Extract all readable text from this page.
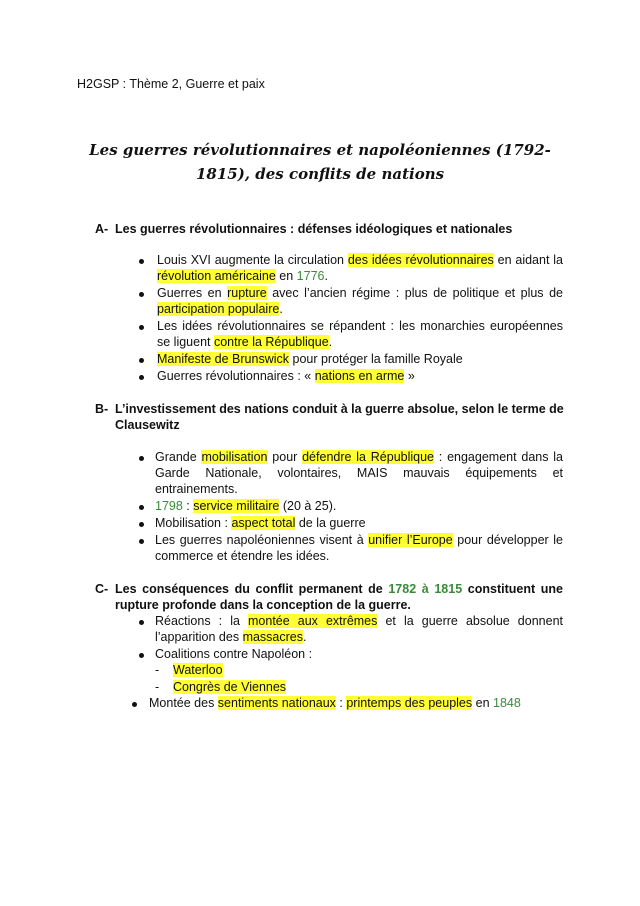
H2GSP : Thème 2, Guerre et paix
Les guerres révolutionnaires et napoléoniennes (1792-1815), des conflits de nations
A- Les guerres révolutionnaires : défenses idéologiques et nationales
Louis XVI augmente la circulation des idées révolutionnaires en aidant la révolution américaine en 1776.
Guerres en rupture avec l’ancien régime : plus de politique et plus de participation populaire.
Les idées révolutionnaires se répandent : les monarchies européennes se liguent contre la République.
Manifeste de Brunswick pour protéger la famille Royale
Guerres révolutionnaires : « nations en arme »
B- L’investissement des nations conduit à la guerre absolue, selon le terme de Clausewitz
Grande mobilisation pour défendre la République : engagement dans la Garde Nationale, volontaires, MAIS mauvais équipements et entrainements.
1798 : service militaire (20 à 25).
Mobilisation : aspect total de la guerre
Les guerres napoléoniennes visent à unifier l’Europe pour développer le commerce et étendre les idées.
C- Les conséquences du conflit permanent de 1782 à 1815 constituent une rupture profonde dans la conception de la guerre.
Réactions : la montée aux extrêmes et la guerre absolue donnent l’apparition des massacres.
Coalitions contre Napoléon :
- Waterloo
- Congrès de Viennes
Montée des sentiments nationaux : printemps des peuples en 1848
